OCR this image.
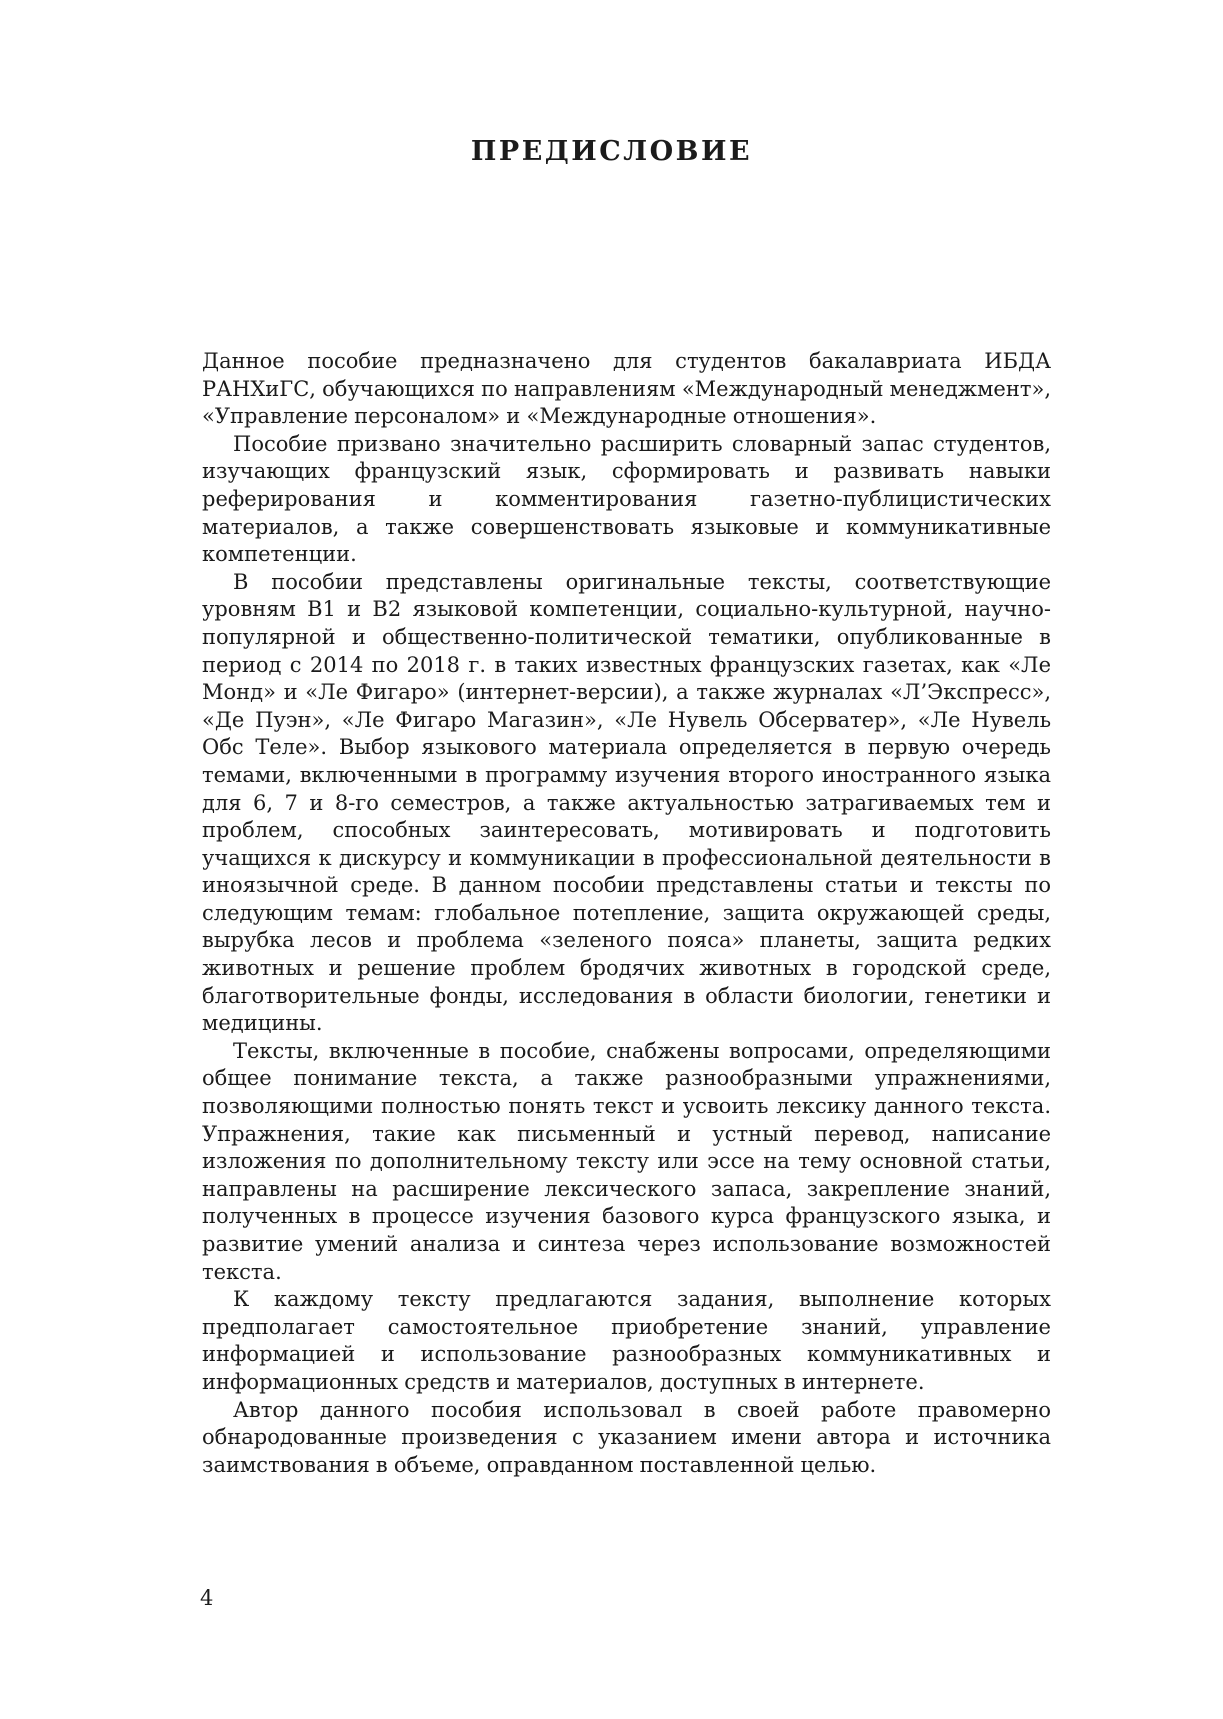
ПРЕДИСЛОВИЕ

Данное пособие предназначено для студентов бакалавриата ИБДА РАНХиГС, обучающихся по направлениям «Международный менеджмент», «Управление персоналом» и «Международные отношения».

Пособие призвано значительно расширить словарный запас студентов, изучающих французский язык, сформировать и развивать навыки реферирования и комментирования газетно-публицистических материалов, а также совершенствовать языковые и коммуникативные компетенции.

В пособии представлены оригинальные тексты, соответствующие уровням B1 и B2 языковой компетенции, социально-культурной, научно-популярной и общественно-политической тематики, опубликованные в период с 2014 по 2018 г. в таких известных французских газетах, как «Ле Монд» и «Ле Фигаро» (интернет-версии), а также журналах «Л’Экспресс», «Де Пуэн», «Ле Фигаро Магазин», «Ле Нувель Обсерватер», «Ле Нувель Обс Теле». Выбор языкового материала определяется в первую очередь темами, включенными в программу изучения второго иностранного языка для 6, 7 и 8-го семестров, а также актуальностью затрагиваемых тем и проблем, способных заинтересовать, мотивировать и подготовить учащихся к дискурсу и коммуникации в профессиональной деятельности в иноязычной среде. В данном пособии представлены статьи и тексты по следующим темам: глобальное потепление, защита окружающей среды, вырубка лесов и проблема «зеленого пояса» планеты, защита редких животных и решение проблем бродячих животных в городской среде, благотворительные фонды, исследования в области биологии, генетики и медицины.

Тексты, включенные в пособие, снабжены вопросами, определяющими общее понимание текста, а также разнообразными упражнениями, позволяющими полностью понять текст и усвоить лексику данного текста. Упражнения, такие как письменный и устный перевод, написание изложения по дополнительному тексту или эссе на тему основной статьи, направлены на расширение лексического запаса, закрепление знаний, полученных в процессе изучения базового курса французского языка, и развитие умений анализа и синтеза через использование возможностей текста.

К каждому тексту предлагаются задания, выполнение которых предполагает самостоятельное приобретение знаний, управление информацией и использование разнообразных коммуникативных и информационных средств и материалов, доступных в интернете.

Автор данного пособия использовал в своей работе правомерно обнародованные произведения с указанием имени автора и источника заимствования в объеме, оправданном поставленной целью.

4
